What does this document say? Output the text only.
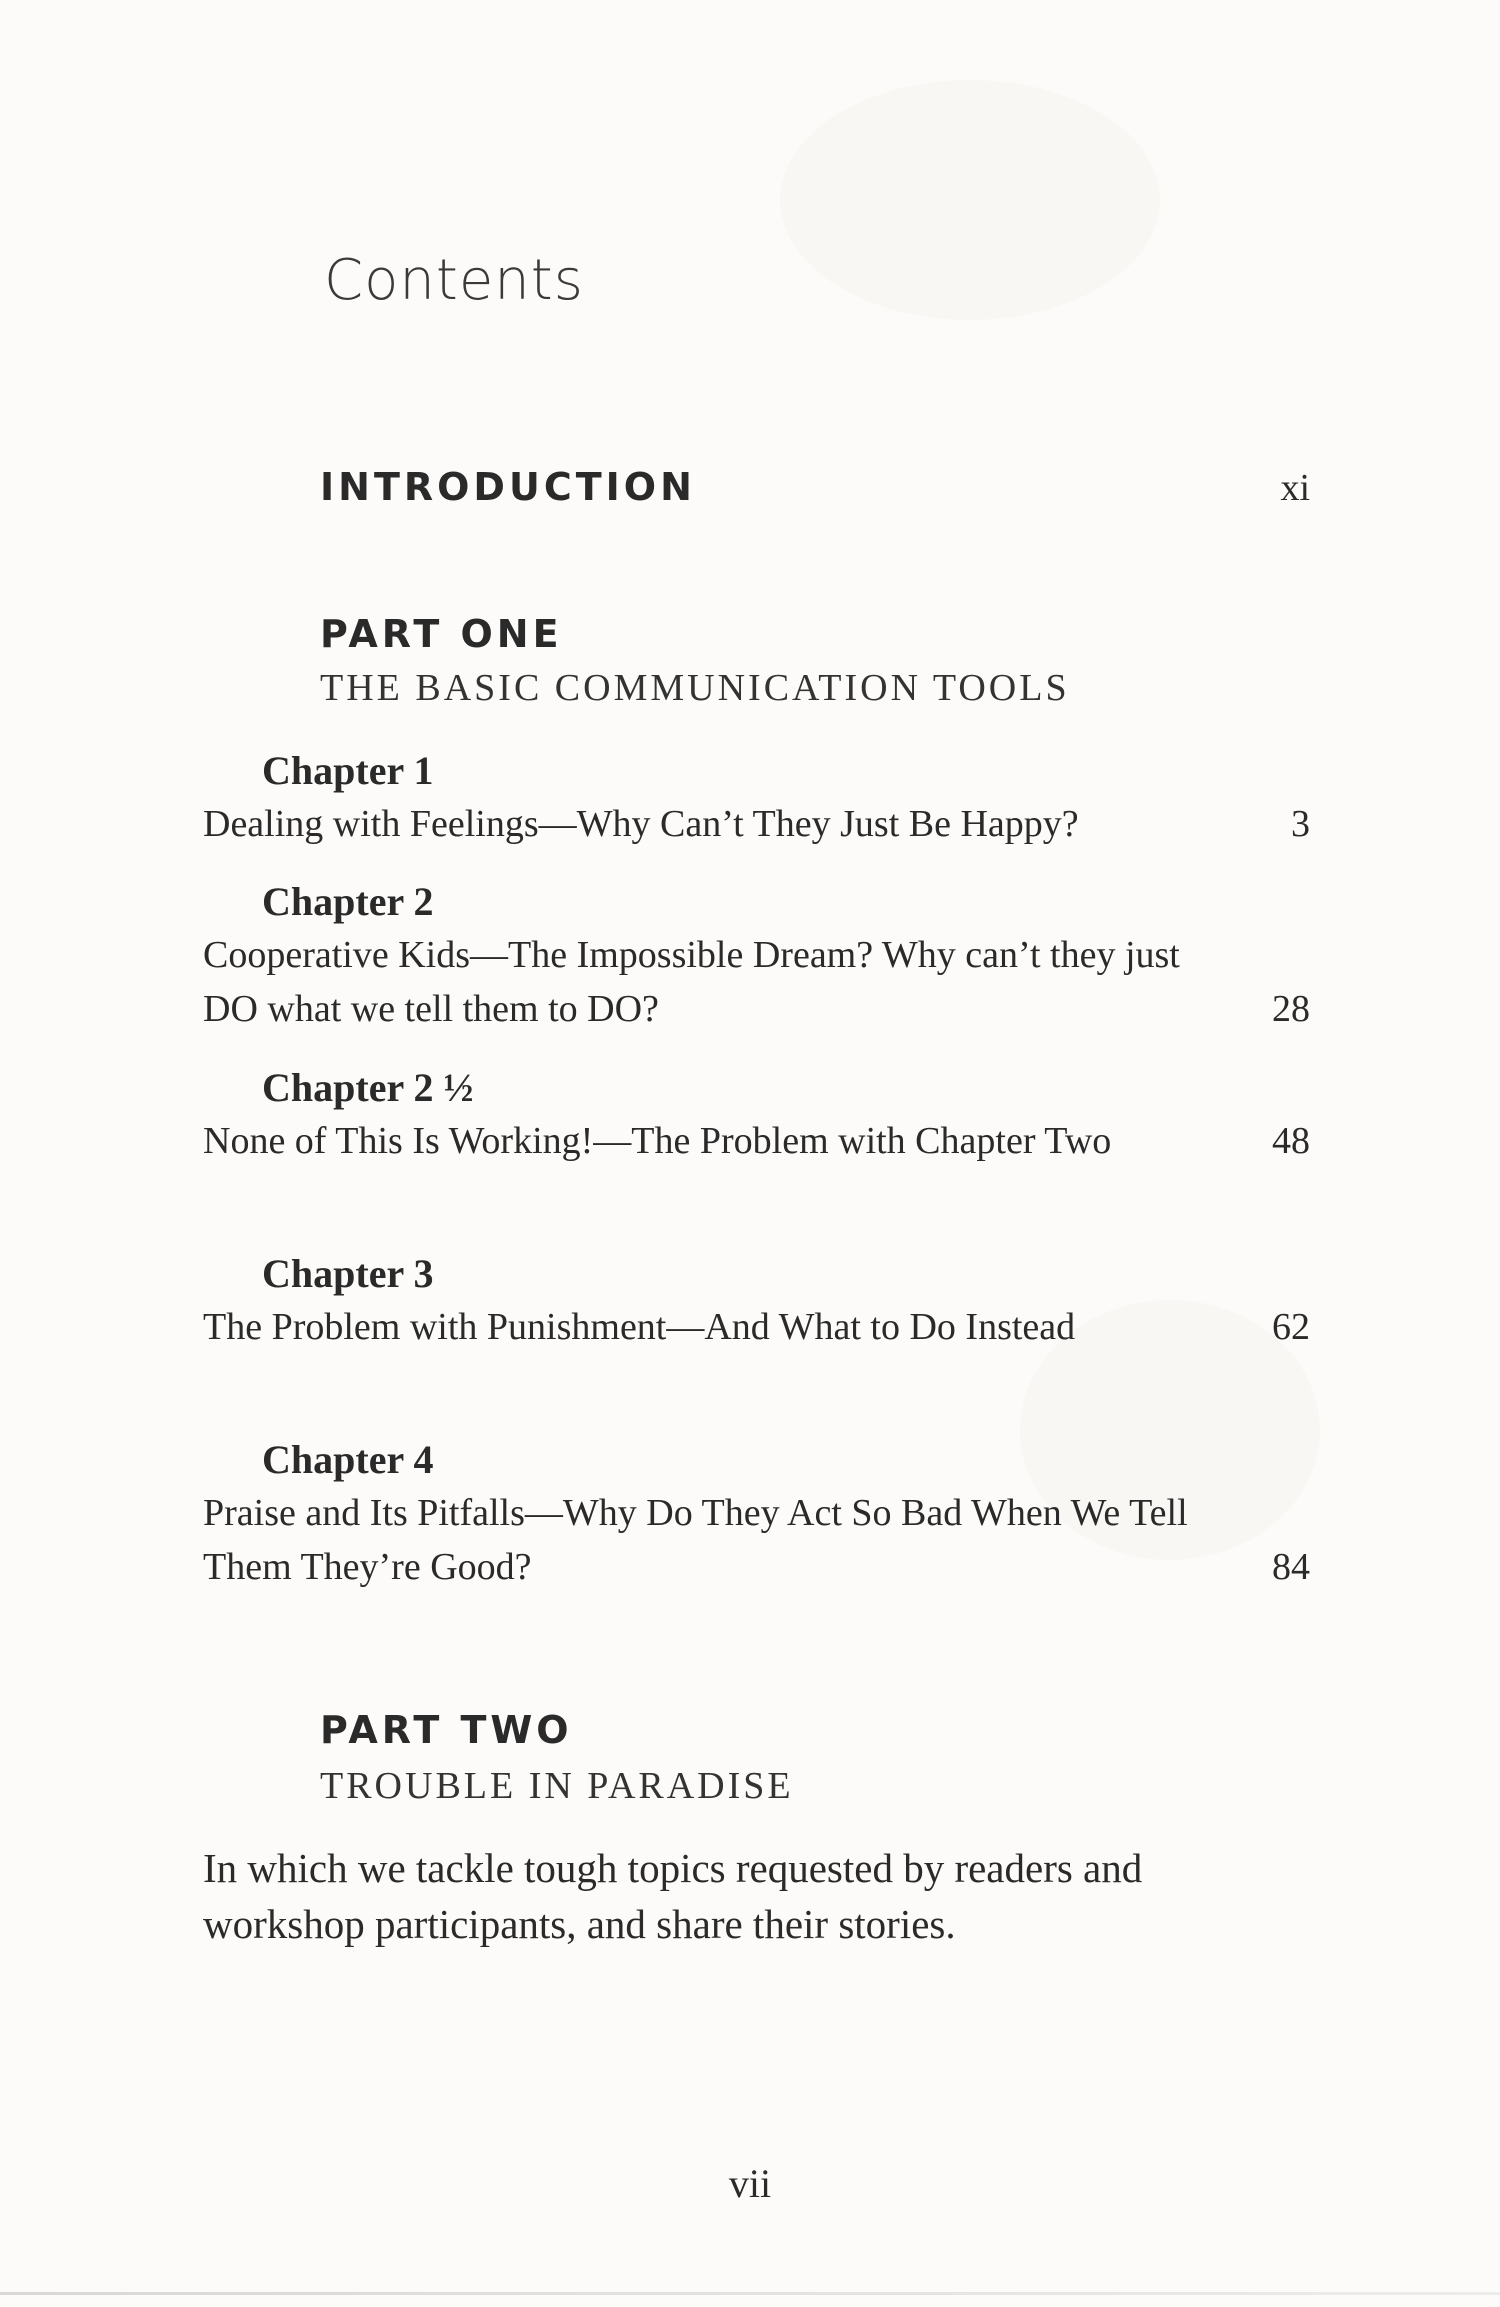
Contents
INTRODUCTION	xi
PART ONE
THE BASIC COMMUNICATION TOOLS
Chapter 1
Dealing with Feelings—Why Can’t They Just Be Happy?	3
Chapter 2
Cooperative Kids—The Impossible Dream? Why can’t they just DO what we tell them to DO?	28
Chapter 2 ½
None of This Is Working!—The Problem with Chapter Two	48
Chapter 3
The Problem with Punishment—And What to Do Instead	62
Chapter 4
Praise and Its Pitfalls—Why Do They Act So Bad When We Tell Them They’re Good?	84
PART TWO
TROUBLE IN PARADISE
In which we tackle tough topics requested by readers and workshop participants, and share their stories.
vii
